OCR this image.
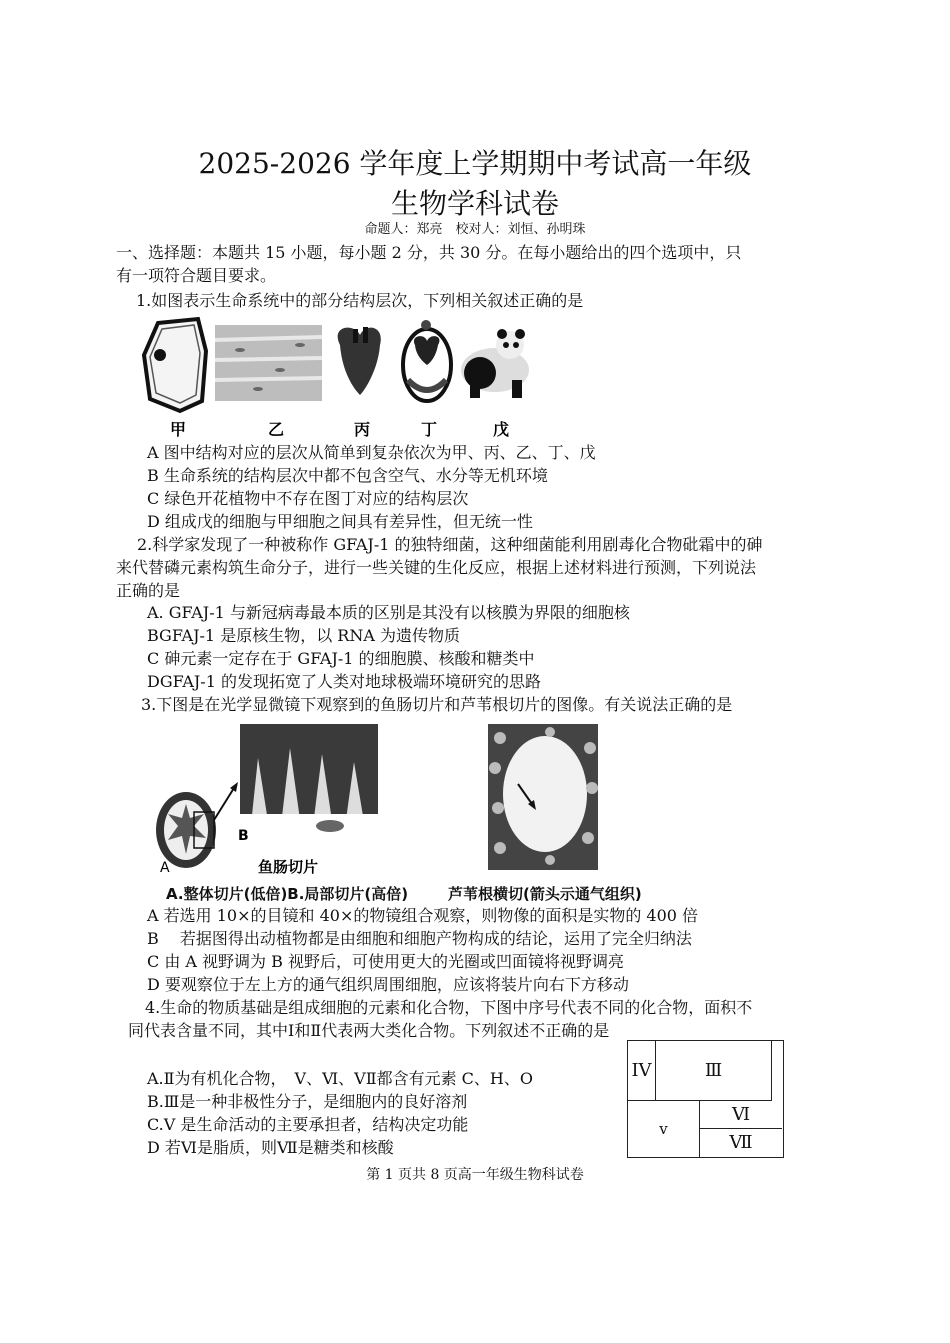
2025-2026 学年度上学期期中考试高一年级
生物学科试卷
命题人：郑亮　校对人：刘恒、孙明珠
一、选择题：本题共 15 小题，每小题 2 分，共 30 分。在每小题给出的四个选项中，只
有一项符合题目要求。
1.如图表示生命系统中的部分结构层次，下列相关叙述正确的是
甲	乙	丙	丁	戊
A 图中结构对应的层次从简单到复杂依次为甲、丙、乙、丁、戊
B 生命系统的结构层次中都不包含空气、水分等无机环境
C 绿色开花植物中不存在图丁对应的结构层次
D 组成戊的细胞与甲细胞之间具有差异性，但无统一性
2.科学家发现了一种被称作 GFAJ-1 的独特细菌，这种细菌能利用剧毒化合物砒霜中的砷
来代替磷元素构筑生命分子，进行一些关键的生化反应，根据上述材料进行预测，下列说法
正确的是
A. GFAJ-1 与新冠病毒最本质的区别是其没有以核膜为界限的细胞核
BGFAJ-1 是原核生物，以 RNA 为遗传物质
C 砷元素一定存在于 GFAJ-1 的细胞膜、核酸和糖类中
DGFAJ-1 的发现拓宽了人类对地球极端环境研究的思路
3.下图是在光学显微镜下观察到的鱼肠切片和芦苇根切片的图像。有关说法正确的是
A
B
鱼肠切片
A.整体切片(低倍)B.局部切片(高倍)	芦苇根横切(箭头示通气组织)
A 若选用 10×的目镜和 40×的物镜组合观察，则物像的面积是实物的 400 倍
B　 若据图得出动植物都是由细胞和细胞产物构成的结论，运用了完全归纳法
C 由 A 视野调为 B 视野后，可使用更大的光圈或凹面镜将视野调亮
D 要观察位于左上方的通气组织周围细胞，应该将装片向右下方移动
4.生命的物质基础是组成细胞的元素和化合物，下图中序号代表不同的化合物，面积不
同代表含量不同，其中Ⅰ和Ⅱ代表两大类化合物。下列叙述不正确的是
A.Ⅱ为有机化合物，　V、Ⅵ、VⅡ都含有元素 C、H、O
B.Ⅲ是一种非极性分子，是细胞内的良好溶剂
C.V 是生命活动的主要承担者，结构决定功能
D 若Ⅵ是脂质，则Ⅶ是糖类和核酸
ⅠV	Ⅲ
v
Ⅵ
Ⅶ
第 1 页共 8 页高一年级生物科试卷
